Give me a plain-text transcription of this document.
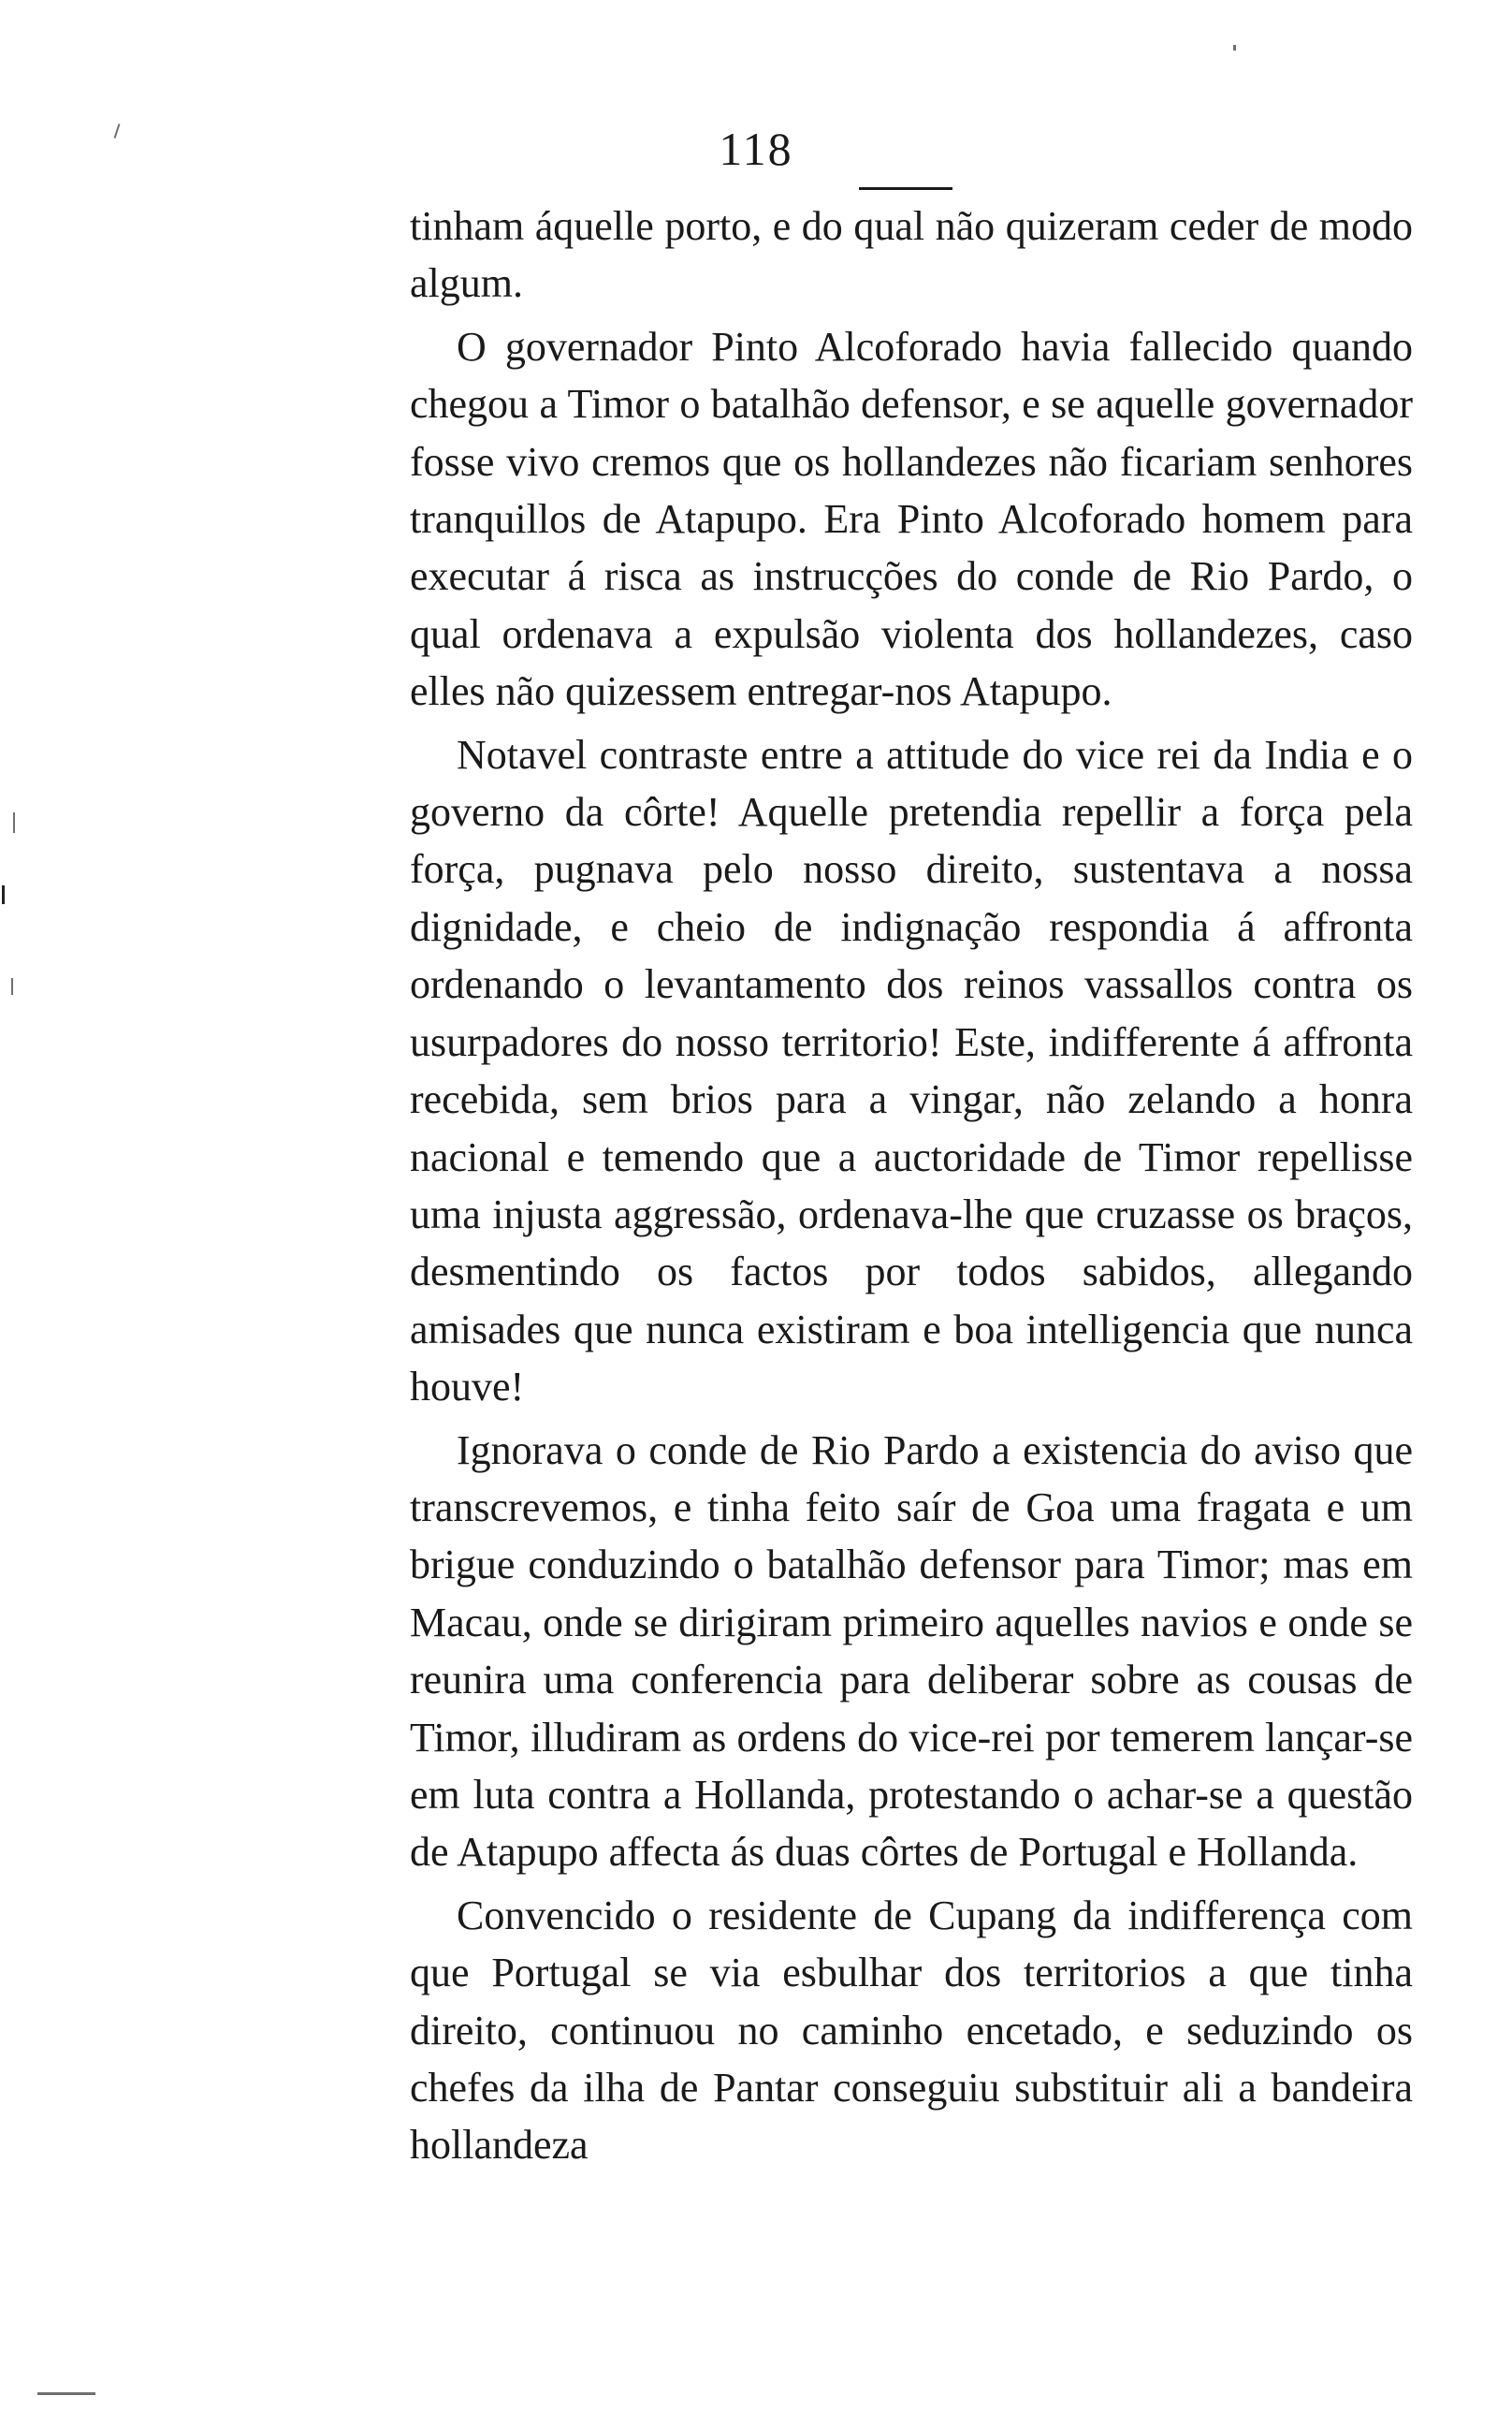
118

tinham áquelle porto, e do qual não quizeram ceder de modo algum.

O governador Pinto Alcoforado havia fallecido quando chegou a Timor o batalhão defensor, e se aquelle governador fosse vivo cremos que os hollandezes não ficariam senhores tranquillos de Atapupo. Era Pinto Alcoforado homem para executar á risca as instrucções do conde de Rio Pardo, o qual ordenava a expulsão violenta dos hollandezes, caso elles não quizessem entregar-nos Atapupo.

Notavel contraste entre a attitude do vice rei da India e o governo da côrte! Aquelle pretendia repellir a força pela força, pugnava pelo nosso direito, sustentava a nossa dignidade, e cheio de indignação respondia á affronta ordenando o levantamento dos reinos vassallos contra os usurpadores do nosso territorio! Este, indifferente á affronta recebida, sem brios para a vingar, não zelando a honra nacional e temendo que a auctoridade de Timor repellisse uma injusta aggressão, ordenava-lhe que cruzasse os braços, desmentindo os factos por todos sabidos, allegando amisades que nunca existiram e boa intelligencia que nunca houve!

Ignorava o conde de Rio Pardo a existencia do aviso que transcrevemos, e tinha feito saír de Goa uma fragata e um brigue conduzindo o batalhão defensor para Timor; mas em Macau, onde se dirigiram primeiro aquelles navios e onde se reunira uma conferencia para deliberar sobre as cousas de Timor, illudiram as ordens do vice-rei por temerem lançar-se em luta contra a Hollanda, protestando o achar-se a questão de Atapupo affecta ás duas côrtes de Portugal e Hollanda.

Convencido o residente de Cupang da indifferença com que Portugal se via esbulhar dos territorios a que tinha direito, continuou no caminho encetado, e seduzindo os chefes da ilha de Pantar conseguiu substituir ali a bandeira hollandeza
